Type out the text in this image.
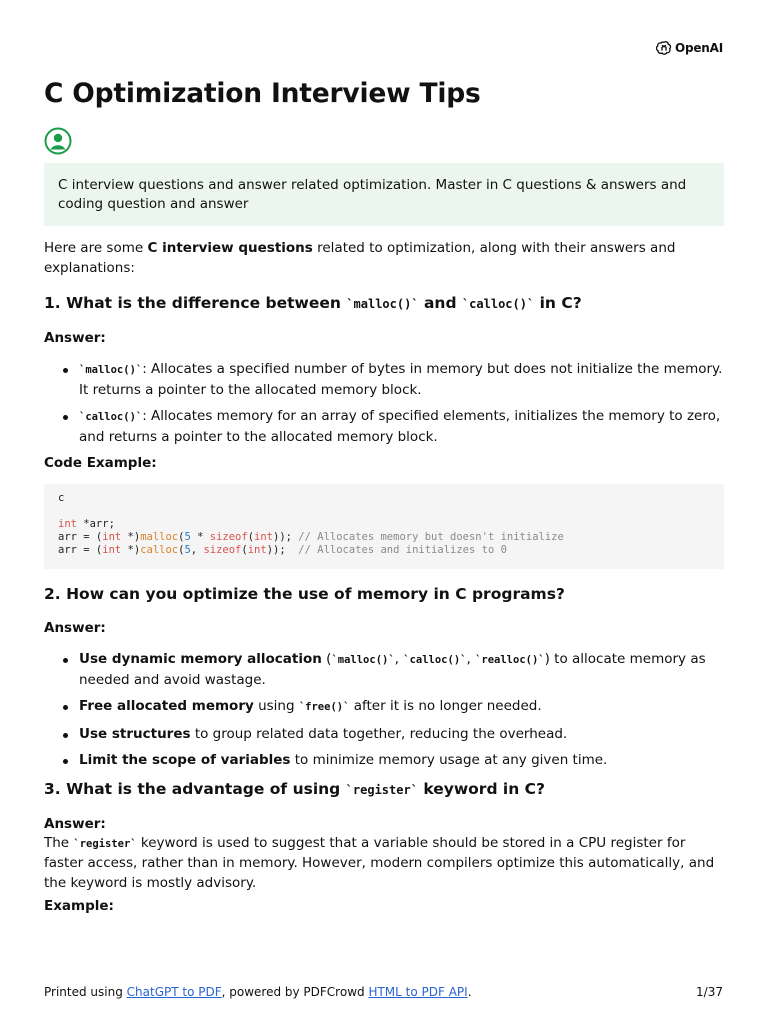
OpenAI
C Optimization Interview Tips
C interview questions and answer related optimization. Master in C questions & answers and coding question and answer

Here are some C interview questions related to optimization, along with their answers and explanations:

1. What is the difference between `malloc()` and `calloc()` in C?
Answer:
`malloc()`: Allocates a specified number of bytes in memory but does not initialize the memory. It returns a pointer to the allocated memory block.
`calloc()`: Allocates memory for an array of specified elements, initializes the memory to zero, and returns a pointer to the allocated memory block.
Code Example:
c
int *arr;
arr = (int *)malloc(5 * sizeof(int)); // Allocates memory but doesn't initialize
arr = (int *)calloc(5, sizeof(int));  // Allocates and initializes to 0
2. How can you optimize the use of memory in C programs?
Answer:
Use dynamic memory allocation (`malloc()`, `calloc()`, `realloc()`) to allocate memory as needed and avoid wastage.
Free allocated memory using `free()` after it is no longer needed.
Use structures to group related data together, reducing the overhead.
Limit the scope of variables to minimize memory usage at any given time.
3. What is the advantage of using `register` keyword in C?
Answer:

The `register` keyword is used to suggest that a variable should be stored in a CPU register for faster access, rather than in memory. However, modern compilers optimize this automatically, and the keyword is mostly advisory.

Example:
Printed using ChatGPT to PDF, powered by PDFCrowd HTML to PDF API.	1/37
